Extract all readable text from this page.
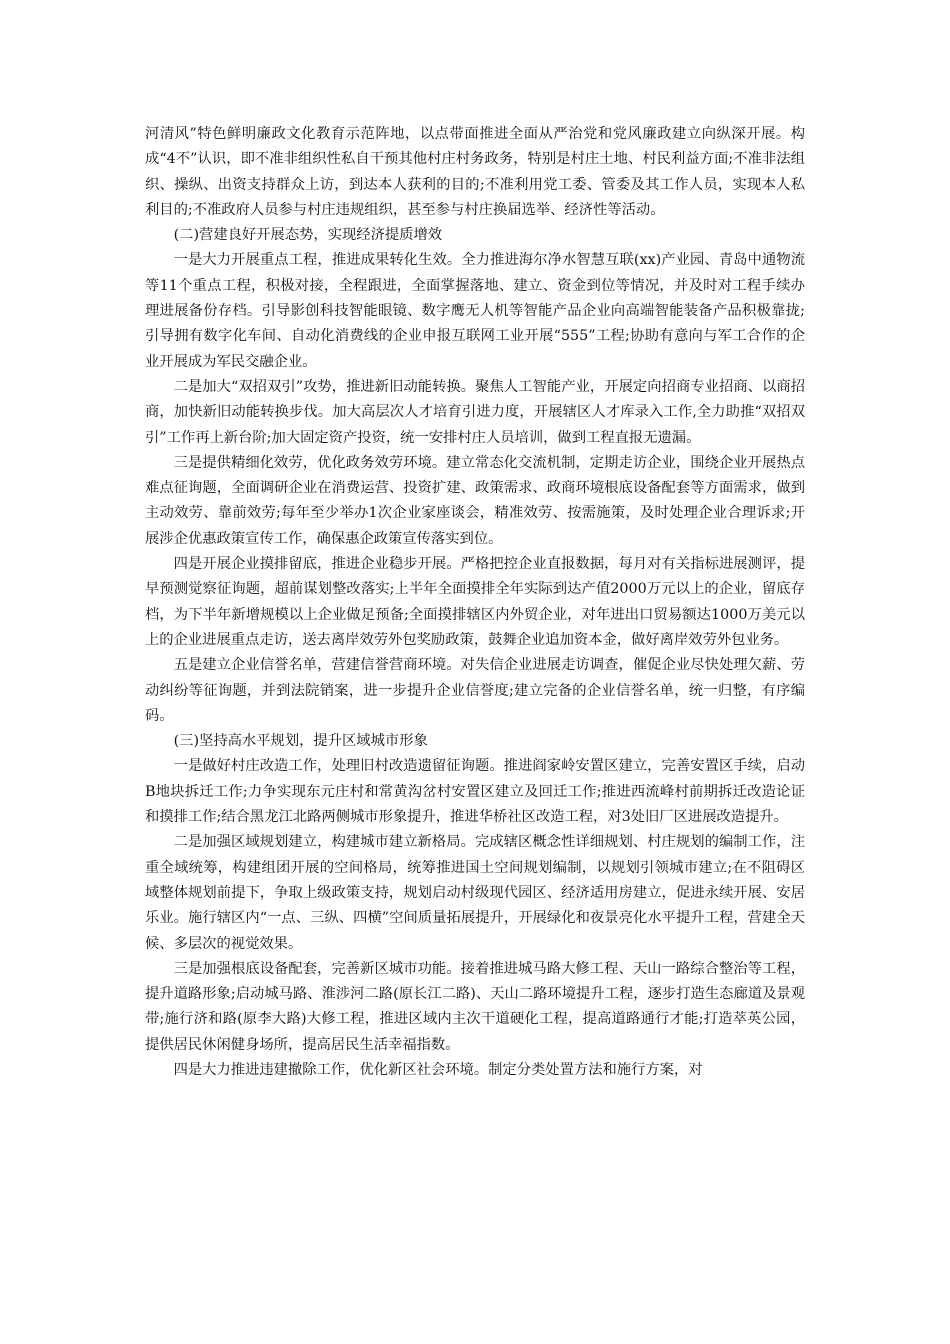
河清风”特色鲜明廉政文化教育示范阵地，以点带面推进全面从严治党和党风廉政建立向纵深开展。构成“4不”认识，即不准非组织性私自干预其他村庄村务政务，特别是村庄土地、村民利益方面;不准非法组织、操纵、出资支持群众上访，到达本人获利的目的;不准利用党工委、管委及其工作人员，实现本人私利目的;不准政府人员参与村庄违规组织，甚至参与村庄换届选举、经济性等活动。

(二)营建良好开展态势，实现经济提质增效

一是大力开展重点工程，推进成果转化生效。全力推进海尔净水智慧互联(xx)产业园、青岛中通物流等11个重点工程，积极对接，全程跟进，全面掌握落地、建立、资金到位等情况，并及时对工程手续办理进展备份存档。引导影创科技智能眼镜、数字鹰无人机等智能产品企业向高端智能装备产品积极靠拢;引导拥有数字化车间、自动化消费线的企业申报互联网工业开展“555”工程;协助有意向与军工合作的企业开展成为军民交融企业。

二是加大“双招双引”攻势，推进新旧动能转换。聚焦人工智能产业，开展定向招商专业招商、以商招商，加快新旧动能转换步伐。加大高层次人才培育引进力度，开展辖区人才库录入工作,全力助推“双招双引”工作再上新台阶;加大固定资产投资，统一安排村庄人员培训，做到工程直报无遗漏。

三是提供精细化效劳，优化政务效劳环境。建立常态化交流机制，定期走访企业，围绕企业开展热点难点征询题，全面调研企业在消费运营、投资扩建、政策需求、政商环境根底设备配套等方面需求，做到主动效劳、靠前效劳;每年至少举办1次企业家座谈会，精准效劳、按需施策，及时处理企业合理诉求;开展涉企优惠政策宣传工作，确保惠企政策宣传落实到位。

四是开展企业摸排留底，推进企业稳步开展。严格把控企业直报数据，每月对有关指标进展测评，提早预测觉察征询题，超前谋划整改落实;上半年全面摸排全年实际到达产值2000万元以上的企业，留底存档，为下半年新增规模以上企业做足预备;全面摸排辖区内外贸企业，对年进出口贸易额达1000万美元以上的企业进展重点走访，送去离岸效劳外包奖励政策，鼓舞企业追加资本金，做好离岸效劳外包业务。

五是建立企业信誉名单，营建信誉营商环境。对失信企业进展走访调查，催促企业尽快处理欠薪、劳动纠纷等征询题，并到法院销案，进一步提升企业信誉度;建立完备的企业信誉名单，统一归整，有序编码。

(三)坚持高水平规划，提升区域城市形象

一是做好村庄改造工作，处理旧村改造遗留征询题。推进阎家岭安置区建立，完善安置区手续，启动B地块拆迁工作;力争实现东元庄村和常黄沟岔村安置区建立及回迁工作;推进西流峰村前期拆迁改造论证和摸排工作;结合黑龙江北路两侧城市形象提升，推进华桥社区改造工程，对3处旧厂区进展改造提升。

二是加强区域规划建立，构建城市建立新格局。完成辖区概念性详细规划、村庄规划的编制工作，注重全域统筹，构建组团开展的空间格局，统筹推进国土空间规划编制，以规划引领城市建立;在不阻碍区域整体规划前提下，争取上级政策支持，规划启动村级现代园区、经济适用房建立，促进永续开展、安居乐业。施行辖区内“一点、三纵、四横”空间质量拓展提升，开展绿化和夜景亮化水平提升工程，营建全天候、多层次的视觉效果。

三是加强根底设备配套，完善新区城市功能。接着推进城马路大修工程、天山一路综合整治等工程，提升道路形象;启动城马路、淮涉河二路(原长江二路)、天山二路环境提升工程，逐步打造生态廊道及景观带;施行济和路(原李大路)大修工程，推进区域内主次干道硬化工程，提高道路通行才能;打造萃英公园，提供居民休闲健身场所，提高居民生活幸福指数。

四是大力推进违建撤除工作，优化新区社会环境。制定分类处置方法和施行方案，对
